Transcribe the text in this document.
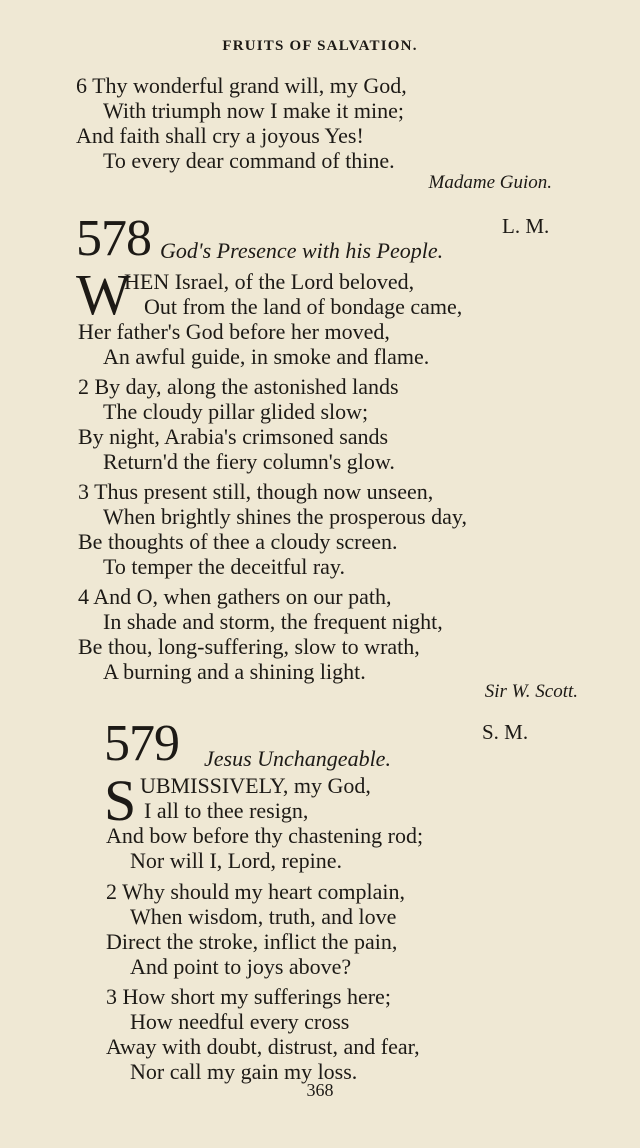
FRUITS OF SALVATION.
6 Thy wonderful grand will, my God,
With triumph now I make it mine;
And faith shall cry a joyous Yes!
To every dear command of thine.
Madame Guion.
578 God's Presence with his People.
L. M.
W
HEN Israel, of the Lord beloved,
Out from the land of bondage came,
Her father's God before her moved,
An awful guide, in smoke and flame.
2 By day, along the astonished lands
The cloudy pillar glided slow;
By night, Arabia's crimsoned sands
Return'd the fiery column's glow.
3 Thus present still, though now unseen,
When brightly shines the prosperous day,
Be thoughts of thee a cloudy screen.
To temper the deceitful ray.
4 And O, when gathers on our path,
In shade and storm, the frequent night,
Be thou, long-suffering, slow to wrath,
A burning and a shining light.
Sir W. Scott.
579 Jesus Unchangeable.
S. M.
S UBMISSIVELY, my God,
I all to thee resign,
And bow before thy chastening rod;
Nor will I, Lord, repine.
2 Why should my heart complain,
When wisdom, truth, and love
Direct the stroke, inflict the pain,
And point to joys above?
3 How short my sufferings here;
How needful every cross
Away with doubt, distrust, and fear,
Nor call my gain my loss.
368
